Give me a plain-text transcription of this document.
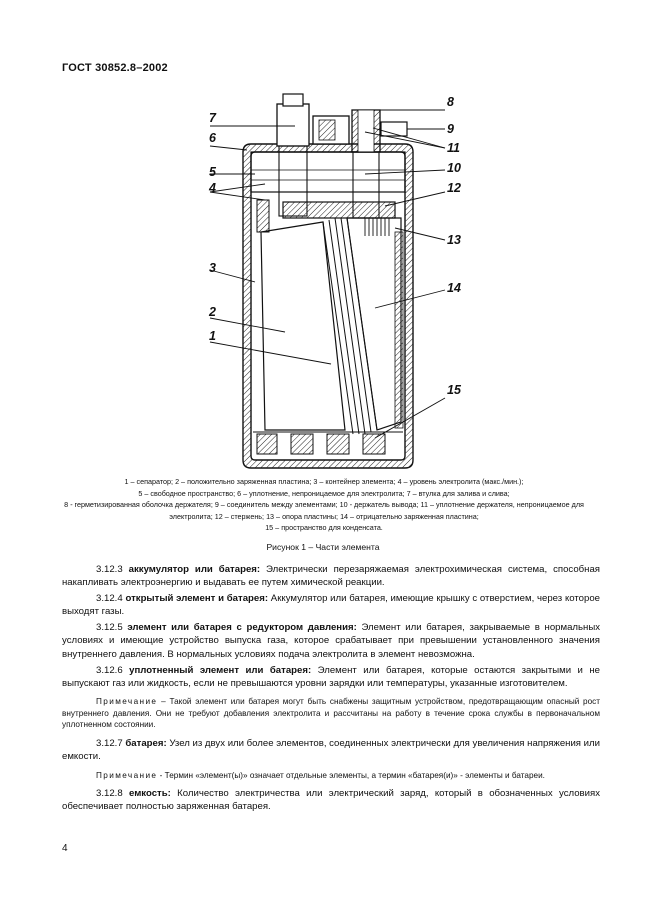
ГОСТ 30852.8–2002
8
7
9
6
11
10
5
4	12
13
3
14
2
1
15
1 – сепаратор; 2 – положительно заряженная пластина; 3 – контейнер элемента; 4 – уровень электролита (макс./мин.);
5 – свободное пространство; 6 – уплотнение, непроницаемое для электролита; 7 – втулка для залива и слива;
8 - герметизированная оболочка держателя; 9 – соединитель между элементами; 10 - держатель вывода; 11 – уплотнение держателя, непроницаемое для электролита; 12 – стержень; 13 – опора пластины; 14 – отрицательно заряженная пластина;
15 – пространство для конденсата.
Рисунок 1 – Части элемента

3.12.3 аккумулятор или батарея: Электрически перезаряжаемая электрохимическая система, способная накапливать электроэнергию и выдавать ее путем химической реакции.

3.12.4 открытый элемент и батарея: Аккумулятор или батарея, имеющие крышку с отверстием, через которое выходят газы.

3.12.5 элемент или батарея с редуктором давления: Элемент или батарея, закрываемые в нормальных условиях и имеющие устройство выпуска газа, которое срабатывает при превышении установленного значения внутреннего давления. В нормальных условиях подача электролита в элемент невозможна.

3.12.6 уплотненный элемент или батарея: Элемент или батарея, которые остаются закрытыми и не выпускают газ или жидкость, если не превышаются уровни зарядки или температуры, указанные изготовителем.

Примечание – Такой элемент или батарея могут быть снабжены защитным устройством, предотвращающим опасный рост внутреннего давления. Они не требуют добавления электролита и рассчитаны на работу в течение срока службы в первоначальном уплотненном состоянии.

3.12.7 батарея: Узел из двух или более элементов, соединенных электрически для увеличения напряжения или емкости.

Примечание - Термин «элемент(ы)» означает отдельные элементы, а термин «батарея(и)» - элементы и батареи.

3.12.8 емкость: Количество электричества или электрический заряд, который в обозначенных условиях обеспечивает полностью заряженная батарея.

4
